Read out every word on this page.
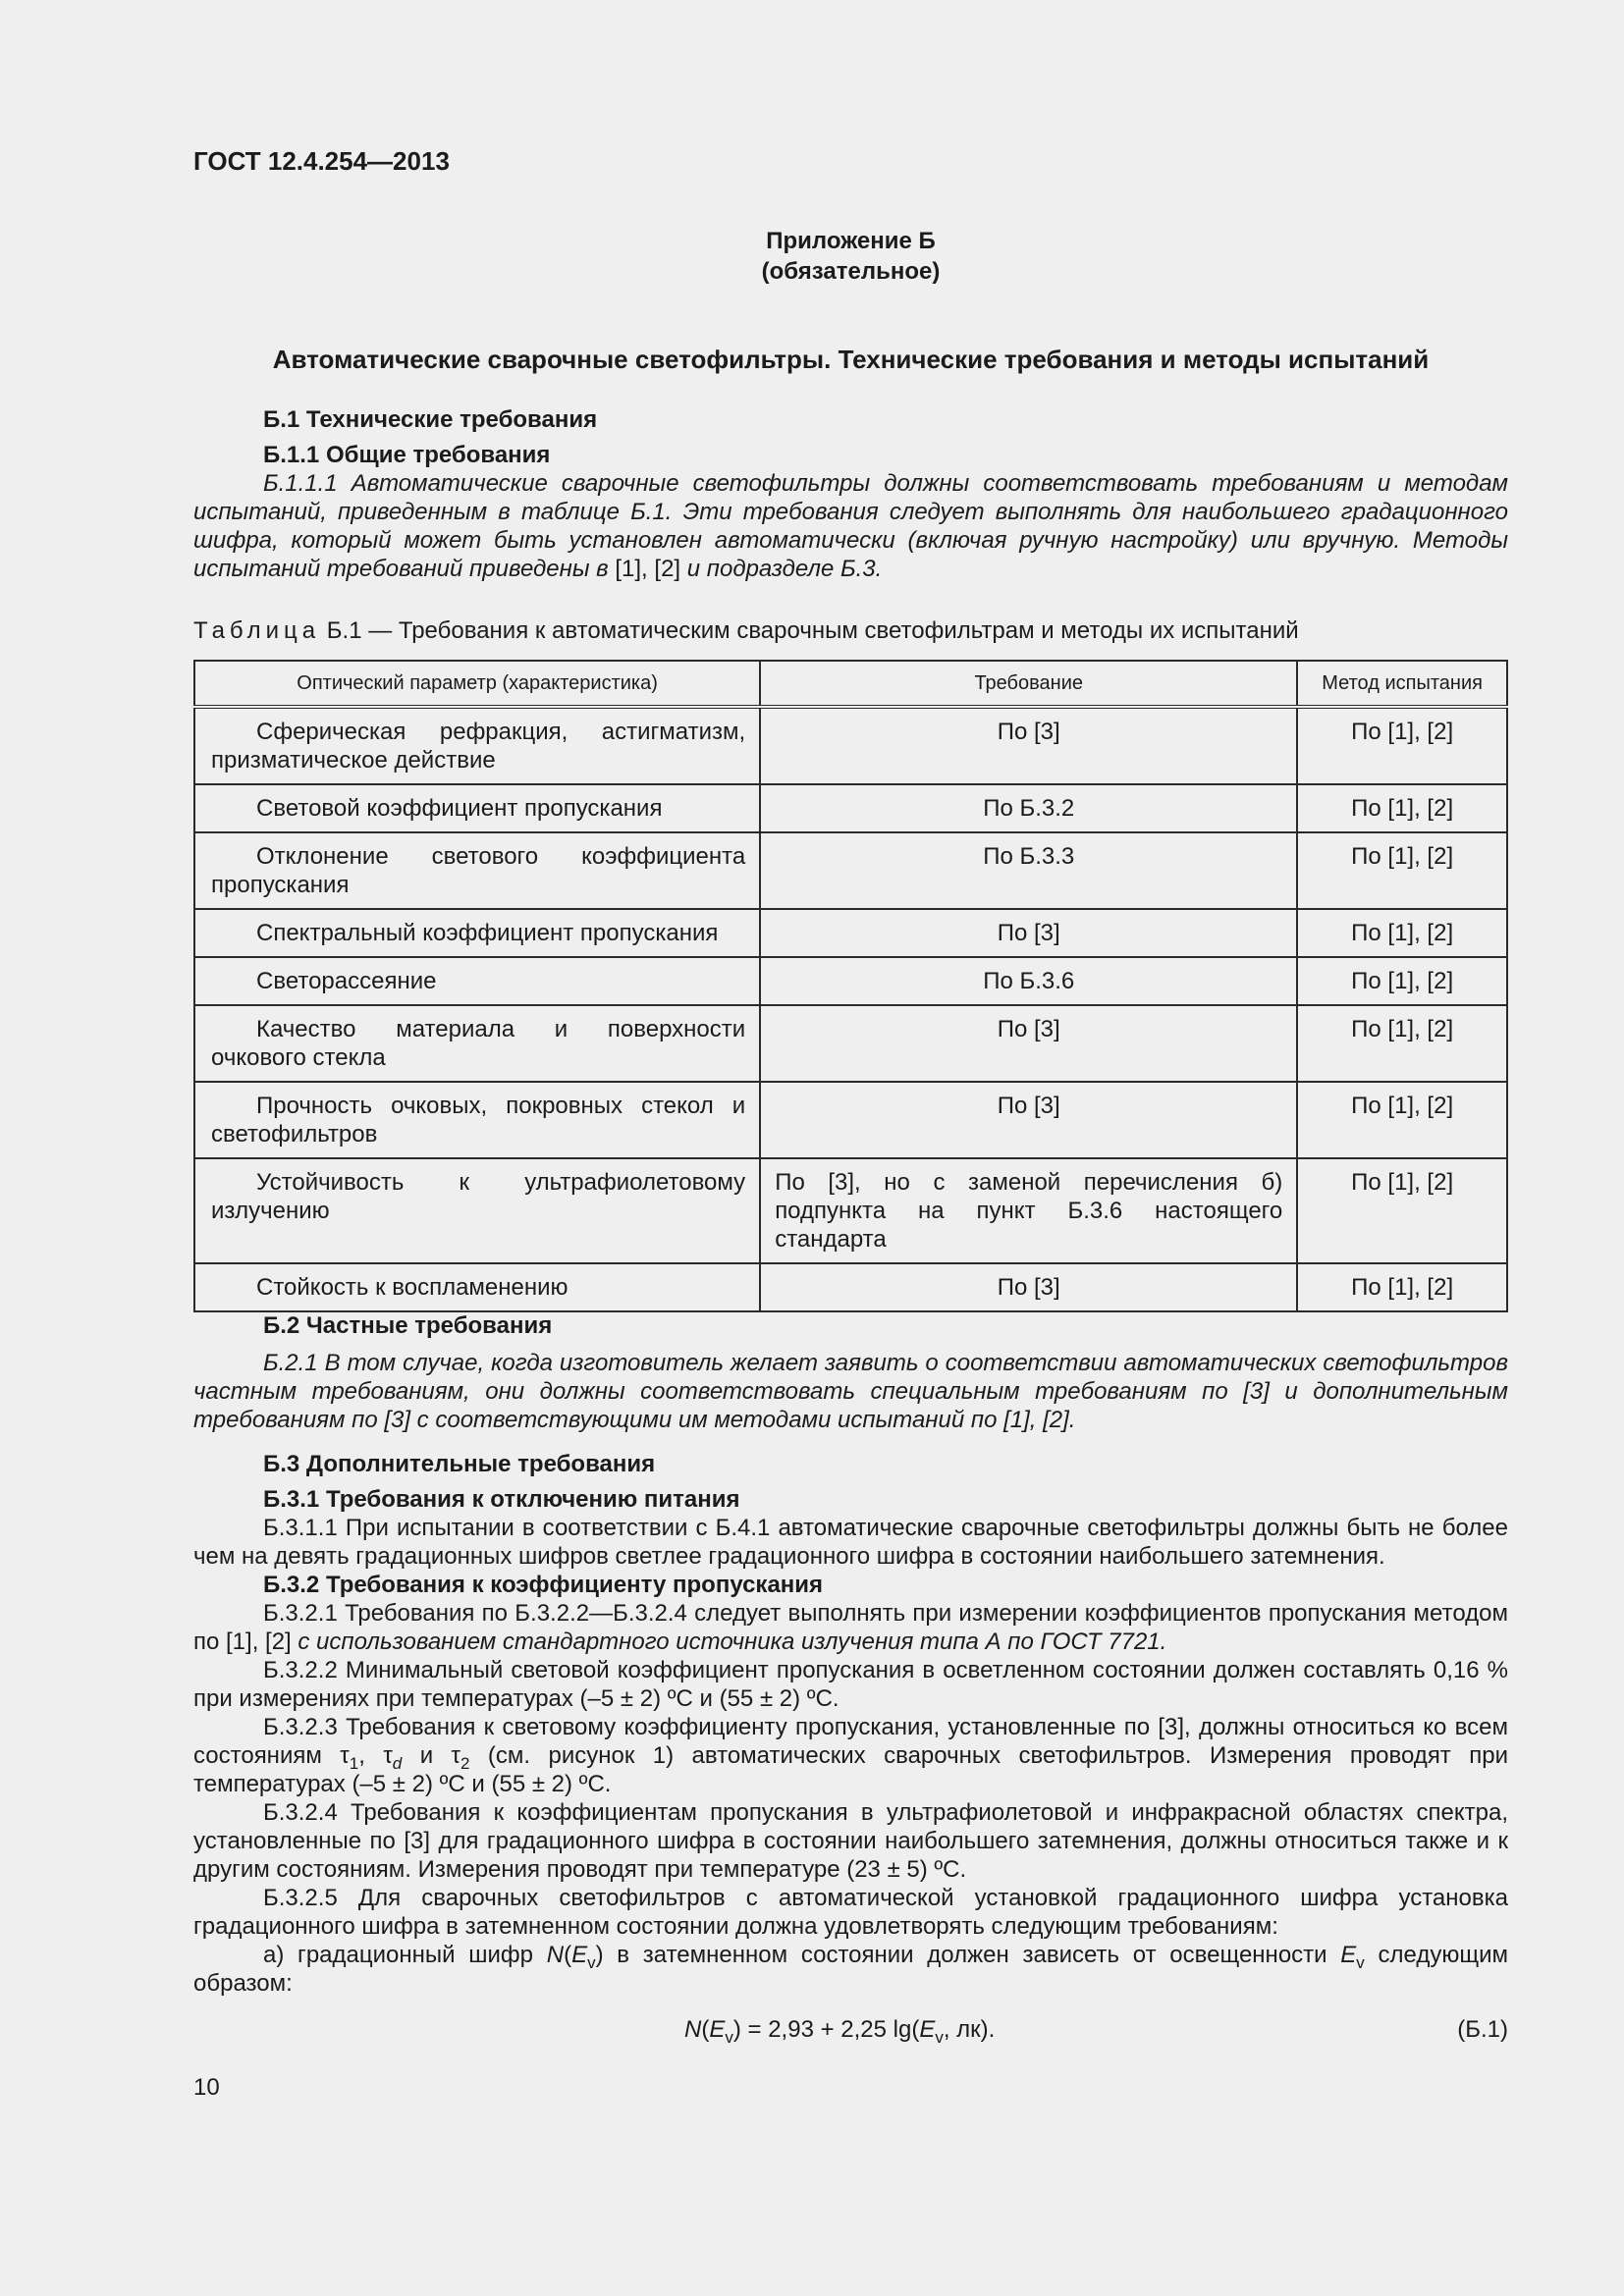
ГОСТ 12.4.254—2013
Приложение Б
(обязательное)
Автоматические сварочные светофильтры. Технические требования и методы испытаний
Б.1 Технические требования
Б.1.1 Общие требования

Б.1.1.1 Автоматические сварочные светофильтры должны соответствовать требованиям и методам испытаний, приведенным в таблице Б.1. Эти требования следует выполнять для наибольшего градационного шифра, который может быть установлен автоматически (включая ручную настройку) или вручную. Методы испытаний требований приведены в [1], [2] и подразделе Б.3.

Таблица Б.1 — Требования к автоматическим сварочным светофильтрам и методы их испытаний
Оптический параметр (характеристика)	Требование	Метод испытания
Сферическая рефракция, астигматизм, призматическое действие	По [3]	По [1], [2]
Световой коэффициент пропускания	По Б.3.2	По [1], [2]
Отклонение светового коэффициента пропускания	По Б.3.3	По [1], [2]
Спектральный коэффициент пропускания	По [3]	По [1], [2]
Светорассеяние	По Б.3.6	По [1], [2]
Качество материала и поверхности очкового стекла	По [3]	По [1], [2]
Прочность очковых, покровных стекол и светофильтров	По [3]	По [1], [2]
Устойчивость к ультрафиолетовому излучению	По [3], но с заменой перечисления б) подпункта на пункт Б.3.6 настоящего стандарта	По [1], [2]
Стойкость к воспламенению	По [3]	По [1], [2]
Б.2 Частные требования

Б.2.1 В том случае, когда изготовитель желает заявить о соответствии автоматических светофильтров частным требованиям, они должны соответствовать специальным требованиям по [3] и дополнительным требованиям по [3] с соответствующими им методами испытаний по [1], [2].

Б.3 Дополнительные требования
Б.3.1 Требования к отключению питания

Б.3.1.1 При испытании в соответствии с Б.4.1 автоматические сварочные светофильтры должны быть не более чем на девять градационных шифров светлее градационного шифра в состоянии наибольшего затемнения.

Б.3.2 Требования к коэффициенту пропускания

Б.3.2.1 Требования по Б.3.2.2—Б.3.2.4 следует выполнять при измерении коэффициентов пропускания методом по [1], [2] с использованием стандартного источника излучения типа А по ГОСТ 7721.

Б.3.2.2 Минимальный световой коэффициент пропускания в осветленном состоянии должен составлять 0,16 % при измерениях при температурах (–5 ± 2) ºС и (55 ± 2) ºС.

Б.3.2.3 Требования к световому коэффициенту пропускания, установленные по [3], должны относиться ко всем состояниям $\tau_1$, $\tau_d$ и $\tau_2$ (см. рисунок 1) автоматических сварочных светофильтров. Измерения проводят при температурах (–5 ± 2) ºС и (55 ± 2) ºС.

Б.3.2.4 Требования к коэффициентам пропускания в ультрафиолетовой и инфракрасной областях спектра, установленные по [3] для градационного шифра в состоянии наибольшего затемнения, должны относиться также и к другим состояниям. Измерения проводят при температуре (23 ± 5) ºС.

Б.3.2.5 Для сварочных светофильтров с автоматической установкой градационного шифра установка градационного шифра в затемненном состоянии должна удовлетворять следующим требованиям:

а) градационный шифр $N(E_v)$ в затемненном состоянии должен зависеть от освещенности $E_v$ следующим образом:

$N(E_v) = 2,93 + 2,25$ $\lg(E_v$, лк).	(Б.1)
10
